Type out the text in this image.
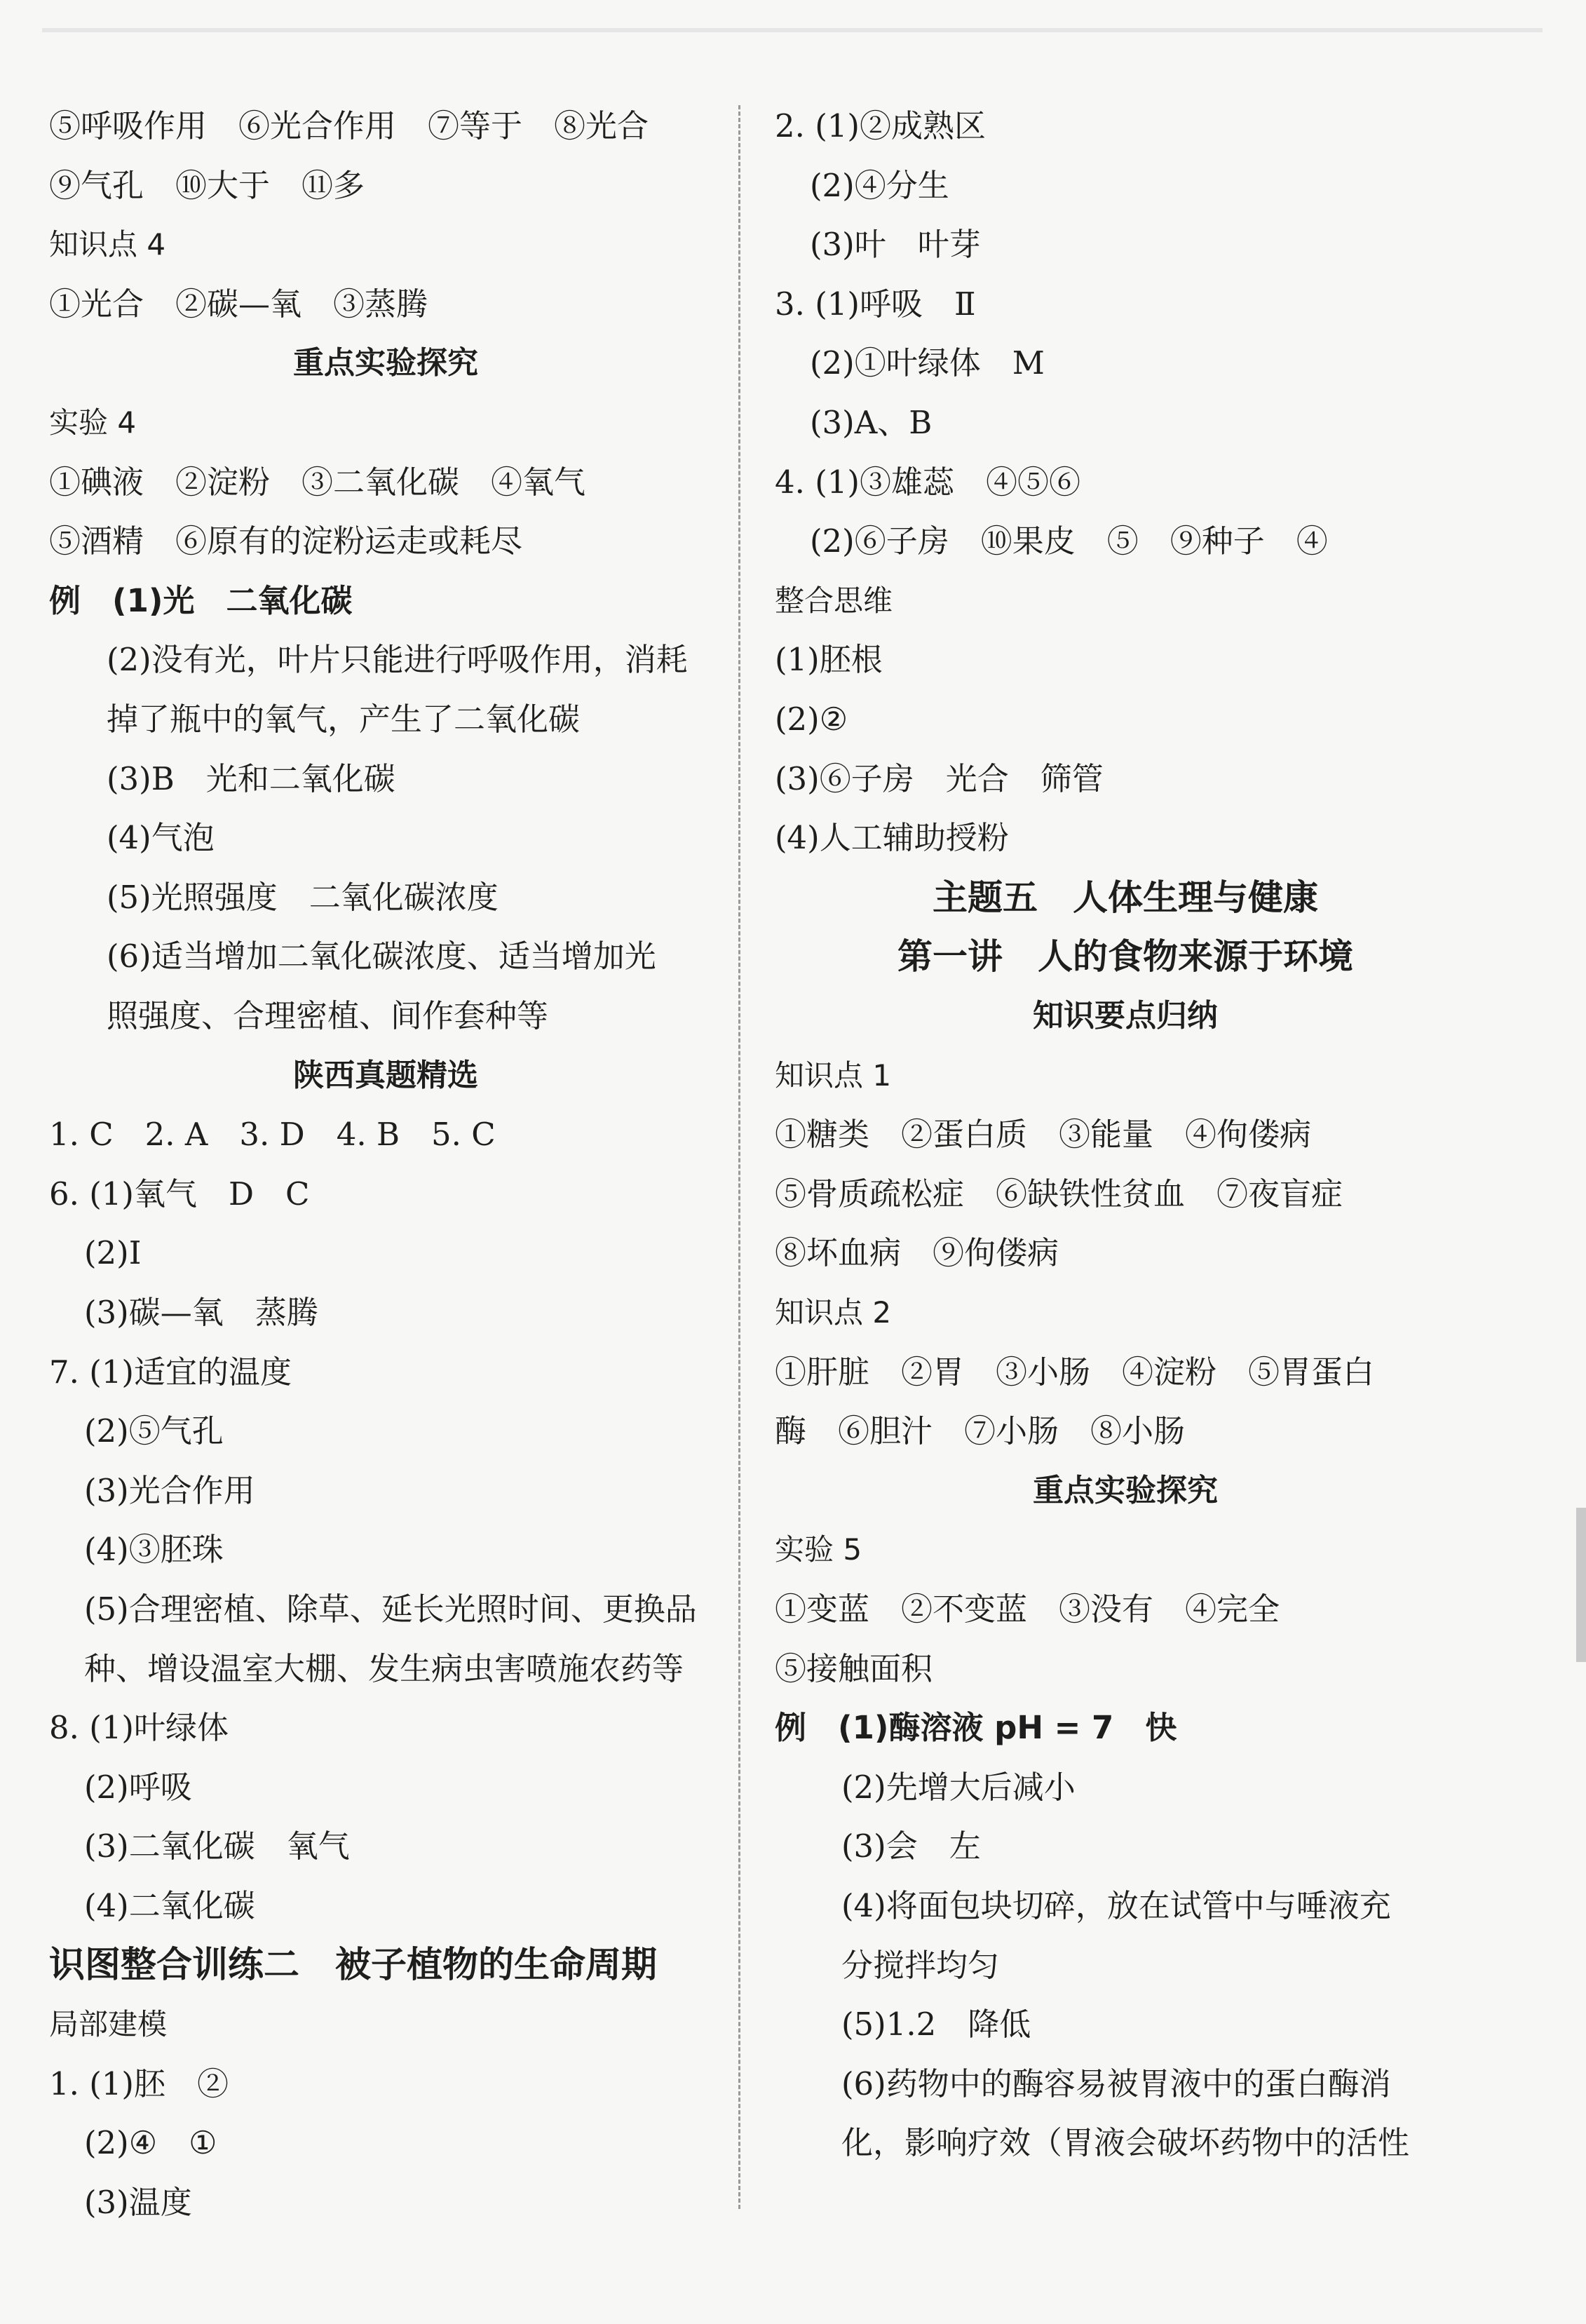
⑤呼吸作用　⑥光合作用　⑦等于　⑧光合
⑨气孔　⑩大于　⑪多
知识点 4
①光合　②碳—氧　③蒸腾
重点实验探究
实验 4
①碘液　②淀粉　③二氧化碳　④氧气
⑤酒精　⑥原有的淀粉运走或耗尽
例　(1)光　二氧化碳
(2)没有光，叶片只能进行呼吸作用，消耗
掉了瓶中的氧气，产生了二氧化碳
(3)B　光和二氧化碳
(4)气泡
(5)光照强度　二氧化碳浓度
(6)适当增加二氧化碳浓度、适当增加光
照强度、合理密植、间作套种等
陕西真题精选
1. C　2. A　3. D　4. B　5. C
6. (1)氧气　D　C
(2)Ⅰ
(3)碳—氧　蒸腾
7. (1)适宜的温度
(2)⑤气孔
(3)光合作用
(4)③胚珠
(5)合理密植、除草、延长光照时间、更换品
种、增设温室大棚、发生病虫害喷施农药等
8. (1)叶绿体
(2)呼吸
(3)二氧化碳　氧气
(4)二氧化碳
识图整合训练二　被子植物的生命周期
局部建模
1. (1)胚　②
(2)④　①
(3)温度
2. (1)②成熟区
(2)④分生
(3)叶　叶芽
3. (1)呼吸　Ⅱ
(2)①叶绿体　M
(3)A、B
4. (1)③雄蕊　④⑤⑥
(2)⑥子房　⑩果皮　⑤　⑨种子　④
整合思维
(1)胚根
(2)②
(3)⑥子房　光合　筛管
(4)人工辅助授粉
主题五　人体生理与健康
第一讲　人的食物来源于环境
知识要点归纳
知识点 1
①糖类　②蛋白质　③能量　④佝偻病
⑤骨质疏松症　⑥缺铁性贫血　⑦夜盲症
⑧坏血病　⑨佝偻病
知识点 2
①肝脏　②胃　③小肠　④淀粉　⑤胃蛋白
酶　⑥胆汁　⑦小肠　⑧小肠
重点实验探究
实验 5
①变蓝　②不变蓝　③没有　④完全
⑤接触面积
例　(1)酶溶液 pH = 7　快
(2)先增大后减小
(3)会　左
(4)将面包块切碎，放在试管中与唾液充
分搅拌均匀
(5)1.2　降低
(6)药物中的酶容易被胃液中的蛋白酶消
化，影响疗效（胃液会破坏药物中的活性
